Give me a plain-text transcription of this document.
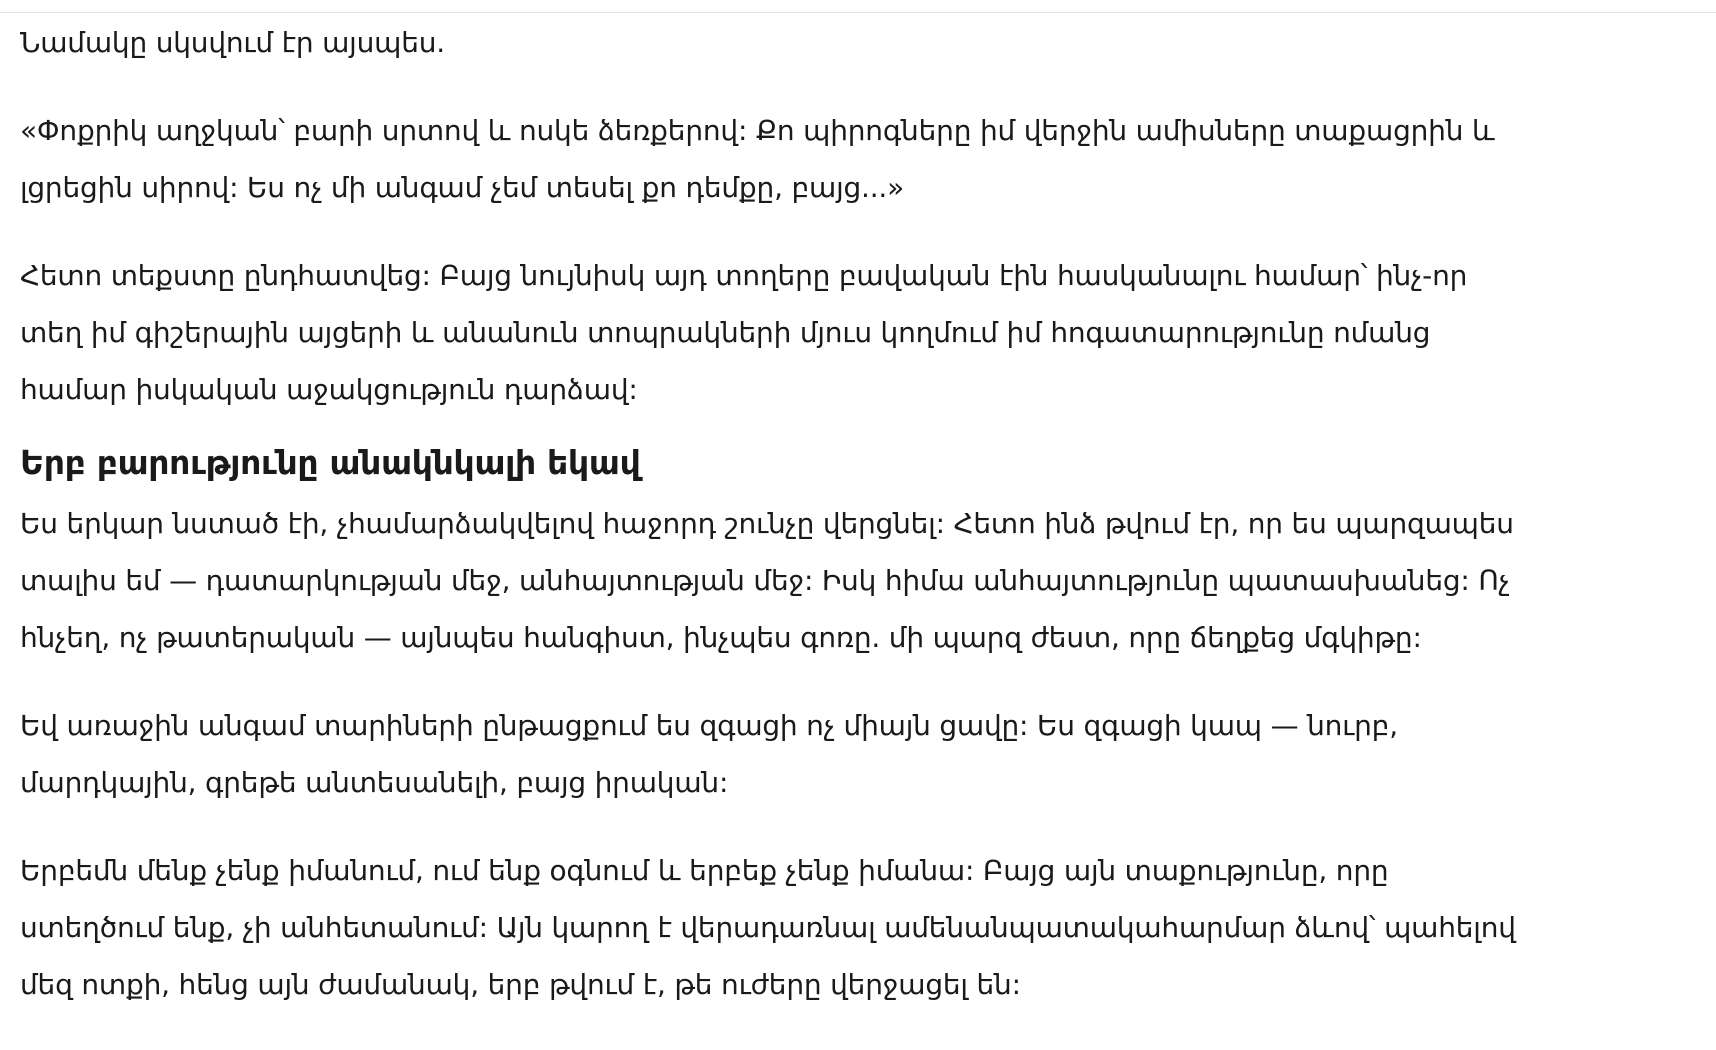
Նամակը սկսվում էր այսպես.

«Փոքրիկ աղջկան՝ բարի սրտով և ոսկե ձեռքերով: Քո պիրոգները իմ վերջին ամիսները տաքացրին և
լցրեցին սիրով: Ես ոչ մի անգամ չեմ տեսել քո դեմքը, բայց...»

Հետո տեքստը ընդհատվեց: Բայց նույնիսկ այդ տողերը բավական էին հասկանալու համար՝ ինչ-որ
տեղ իմ գիշերային այցերի և անանուն տոպրակների մյուս կողմում իմ հոգատարությունը ոմանց
համար իսկական աջակցություն դարձավ:

Երբ բարությունը անակնկալի եկավ

Ես երկար նստած էի, չհամարձակվելով հաջորդ շունչը վերցնել: Հետո ինձ թվում էր, որ ես պարզապես
տալիս եմ — դատարկության մեջ, անհայտության մեջ: Իսկ հիմա անհայտությունը պատասխանեց: Ոչ
հնչեղ, ոչ թատերական — այնպես հանգիստ, ինչպես գոռը. մի պարզ ժեստ, որը ճեղքեց մգկիթը:

Եվ առաջին անգամ տարիների ընթացքում ես զգացի ոչ միայն ցավը: Ես զգացի կապ — նուրբ,
մարդկային, գրեթե անտեսանելի, բայց իրական:

Երբեմն մենք չենք իմանում, ում ենք օգնում և երբեք չենք իմանա: Բայց այն տաքությունը, որը
ստեղծում ենք, չի անհետանում: Այն կարող է վերադառնալ ամենանպատակահարմար ձևով՝ պահելով
մեզ ոտքի, հենց այն ժամանակ, երբ թվում է, թե ուժերը վերջացել են:
